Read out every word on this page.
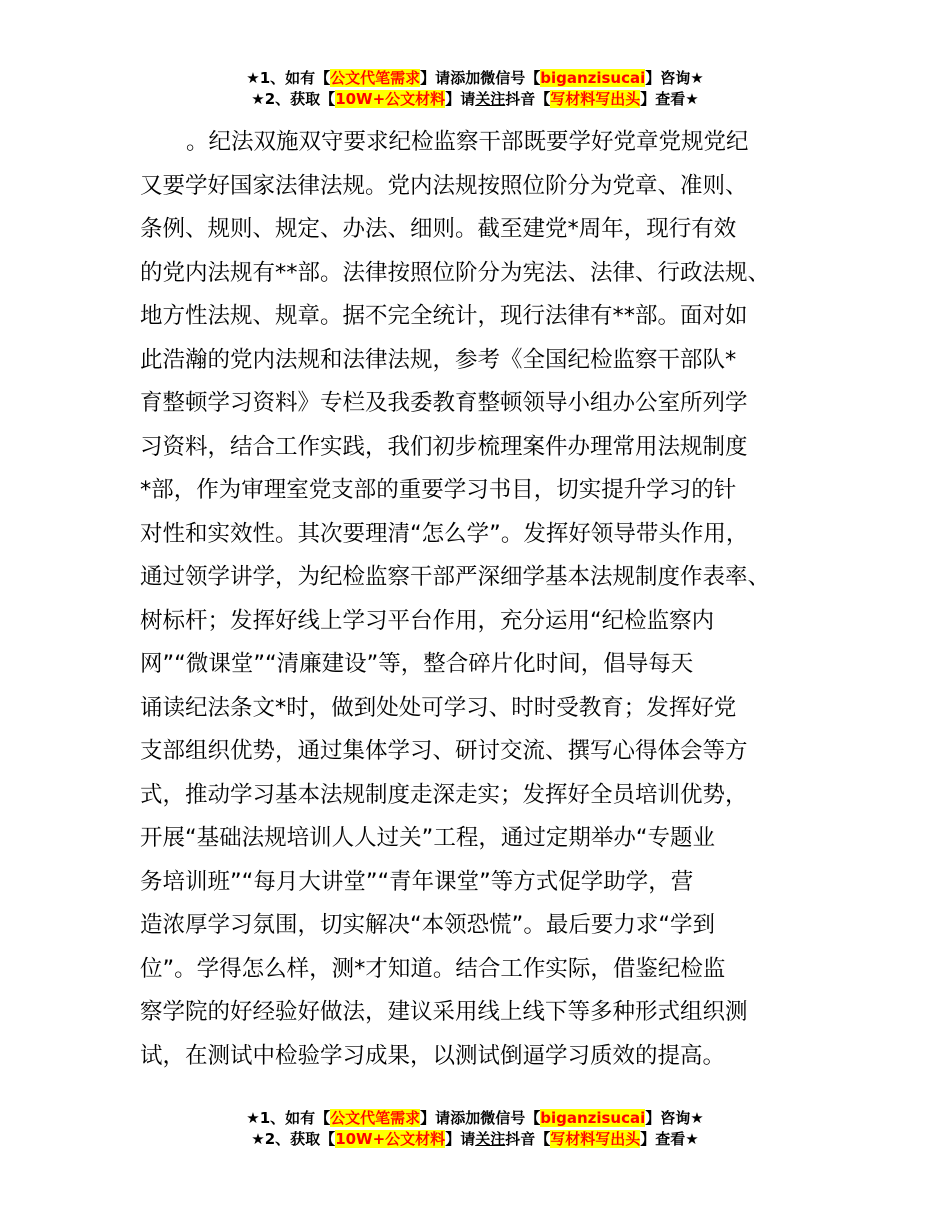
★1、如有【公文代笔需求】请添加微信号【biganzisucai】咨询★
★2、获取【10W+公文材料】请关注抖音【写材料写出头】查看★
。纪法双施双守要求纪检监察干部既要学好党章党规党纪
又要学好国家法律法规。党内法规按照位阶分为党章、准则、
条例、规则、规定、办法、细则。截至建党*周年，现行有效
的党内法规有**部。法律按照位阶分为宪法、法律、行政法规、
地方性法规、规章。据不完全统计，现行法律有**部。面对如
此浩瀚的党内法规和法律法规，参考《全国纪检监察干部队*
育整顿学习资料》专栏及我委教育整顿领导小组办公室所列学
习资料，结合工作实践，我们初步梳理案件办理常用法规制度
*部，作为审理室党支部的重要学习书目，切实提升学习的针
对性和实效性。其次要理清“怎么学”。发挥好领导带头作用，
通过领学讲学，为纪检监察干部严深细学基本法规制度作表率、
树标杆；发挥好线上学习平台作用，充分运用“纪检监察内
网”“微课堂”“清廉建设”等，整合碎片化时间，倡导每天
诵读纪法条文*时，做到处处可学习、时时受教育；发挥好党
支部组织优势，通过集体学习、研讨交流、撰写心得体会等方
式，推动学习基本法规制度走深走实；发挥好全员培训优势，
开展“基础法规培训人人过关”工程，通过定期举办“专题业
务培训班”“每月大讲堂”“青年课堂”等方式促学助学，营
造浓厚学习氛围，切实解决“本领恐慌”。最后要力求“学到
位”。学得怎么样，测*才知道。结合工作实际，借鉴纪检监
察学院的好经验好做法，建议采用线上线下等多种形式组织测
试，在测试中检验学习成果，以测试倒逼学习质效的提高。
★1、如有【公文代笔需求】请添加微信号【biganzisucai】咨询★
★2、获取【10W+公文材料】请关注抖音【写材料写出头】查看★
